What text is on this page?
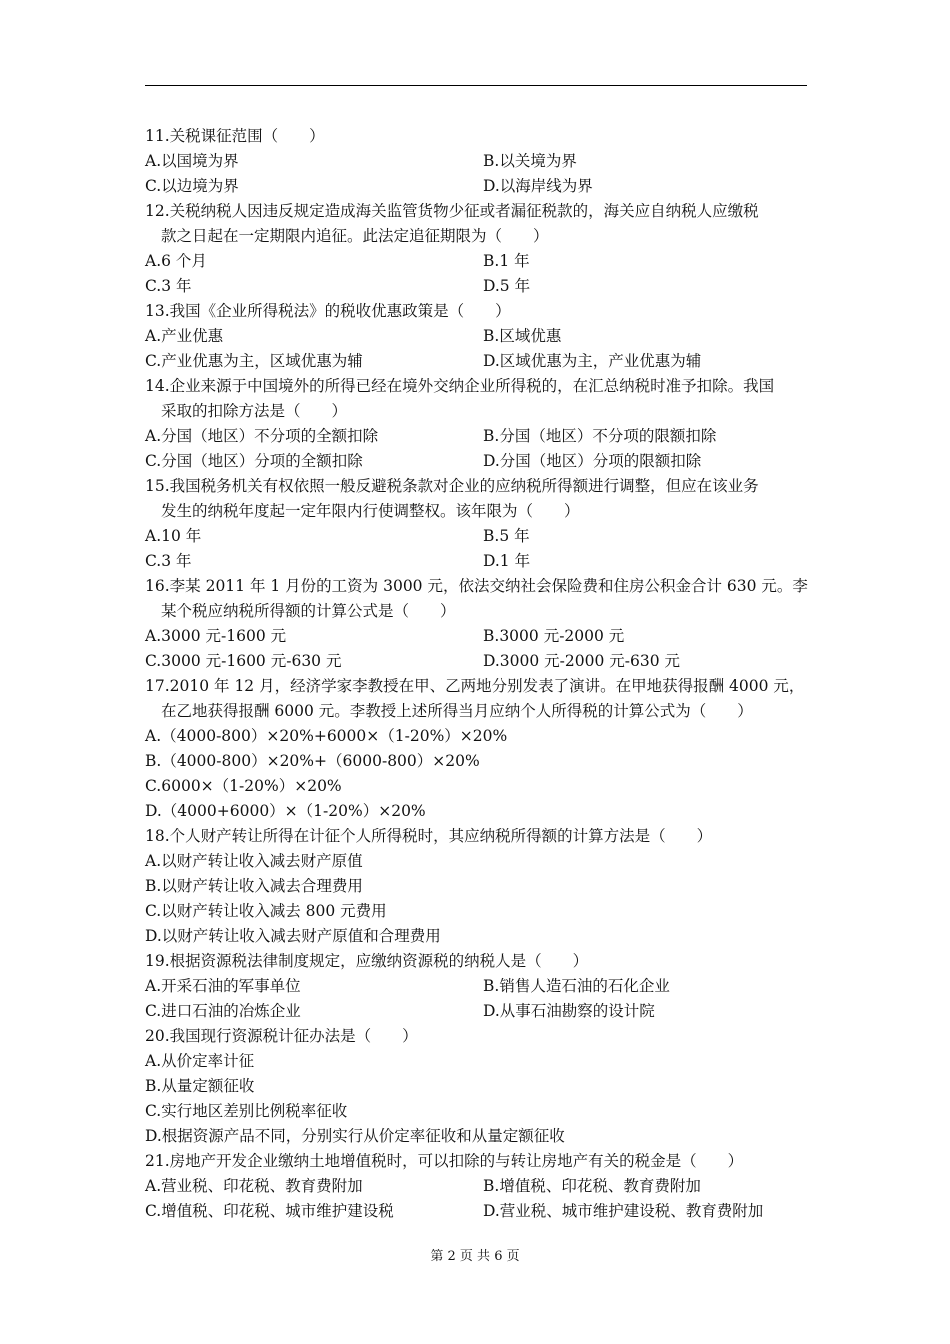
11.关税课征范围（　　）
A.以国境为界	B.以关境为界
C.以边境为界	D.以海岸线为界
12.关税纳税人因违反规定造成海关监管货物少征或者漏征税款的，海关应自纳税人应缴税
款之日起在一定期限内追征。此法定追征期限为（　　）
A.6 个月	B.1 年
C.3 年	D.5 年
13.我国《企业所得税法》的税收优惠政策是（　　）
A.产业优惠	B.区域优惠
C.产业优惠为主，区域优惠为辅	D.区域优惠为主，产业优惠为辅
14.企业来源于中国境外的所得已经在境外交纳企业所得税的，在汇总纳税时准予扣除。我国
采取的扣除方法是（　　）
A.分国（地区）不分项的全额扣除	B.分国（地区）不分项的限额扣除
C.分国（地区）分项的全额扣除	D.分国（地区）分项的限额扣除
15.我国税务机关有权依照一般反避税条款对企业的应纳税所得额进行调整，但应在该业务
发生的纳税年度起一定年限内行使调整权。该年限为（　　）
A.10 年	B.5 年
C.3 年	D.1 年
16.李某 2011 年 1 月份的工资为 3000 元，依法交纳社会保险费和住房公积金合计 630 元。李
某个税应纳税所得额的计算公式是（　　）
A.3000 元-1600 元	B.3000 元-2000 元
C.3000 元-1600 元-630 元	D.3000 元-2000 元-630 元
17.2010 年 12 月，经济学家李教授在甲、乙两地分别发表了演讲。在甲地获得报酬 4000 元，
在乙地获得报酬 6000 元。李教授上述所得当月应纳个人所得税的计算公式为（　　）
A.（4000-800）×20%+6000×（1-20%）×20%
B.（4000-800）×20%+（6000-800）×20%
C.6000×（1-20%）×20%
D.（4000+6000）×（1-20%）×20%
18.个人财产转让所得在计征个人所得税时，其应纳税所得额的计算方法是（　　）
A.以财产转让收入减去财产原值
B.以财产转让收入减去合理费用
C.以财产转让收入减去 800 元费用
D.以财产转让收入减去财产原值和合理费用
19.根据资源税法律制度规定，应缴纳资源税的纳税人是（　　）
A.开采石油的军事单位	B.销售人造石油的石化企业
C.进口石油的冶炼企业	D.从事石油勘察的设计院
20.我国现行资源税计征办法是（　　）
A.从价定率计征
B.从量定额征收
C.实行地区差别比例税率征收
D.根据资源产品不同，分别实行从价定率征收和从量定额征收
21.房地产开发企业缴纳土地增值税时，可以扣除的与转让房地产有关的税金是（　　）
A.营业税、印花税、教育费附加	B.增值税、印花税、教育费附加
C.增值税、印花税、城市维护建设税	D.营业税、城市维护建设税、教育费附加
第 2 页 共 6 页
